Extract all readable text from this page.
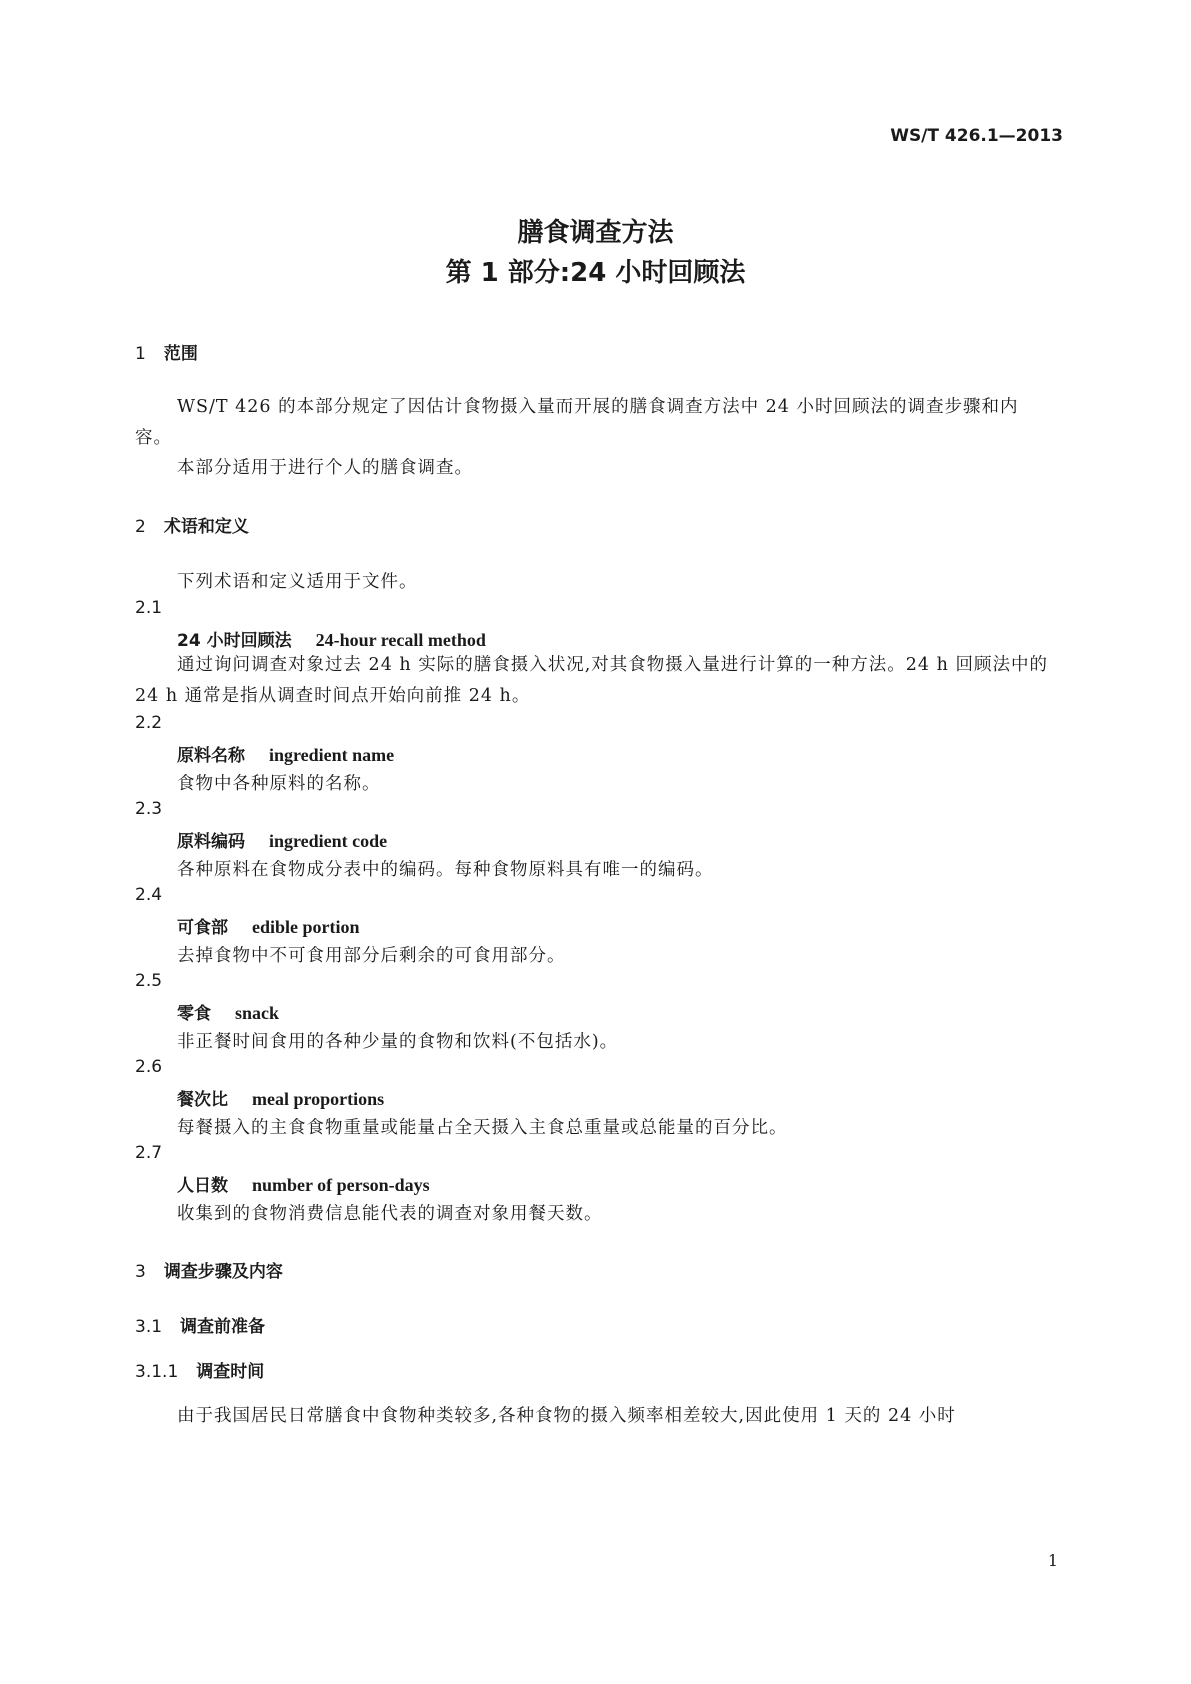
WS/T 426.1—2013
膳食调查方法
第 1 部分:24 小时回顾法
1 范围

WS/T 426 的本部分规定了因估计食物摄入量而开展的膳食调查方法中 24 小时回顾法的调查步骤和内容。

本部分适用于进行个人的膳食调查。
2 术语和定义
下列术语和定义适用于文件。
2.1
24 小时回顾法 24-hour recall method

通过询问调查对象过去 24 h 实际的膳食摄入状况,对其食物摄入量进行计算的一种方法。24 h 回顾法中的 24 h 通常是指从调查时间点开始向前推 24 h。

2.2
原料名称 ingredient name
食物中各种原料的名称。
2.3
原料编码 ingredient code
各种原料在食物成分表中的编码。每种食物原料具有唯一的编码。
2.4
可食部 edible portion
去掉食物中不可食用部分后剩余的可食用部分。
2.5
零食 snack
非正餐时间食用的各种少量的食物和饮料(不包括水)。
2.6
餐次比 meal proportions
每餐摄入的主食食物重量或能量占全天摄入主食总重量或总能量的百分比。
2.7
人日数 number of person-days
收集到的食物消费信息能代表的调查对象用餐天数。
3 调查步骤及内容
3.1 调查前准备
3.1.1 调查时间
由于我国居民日常膳食中食物种类较多,各种食物的摄入频率相差较大,因此使用 1 天的 24 小时
1
